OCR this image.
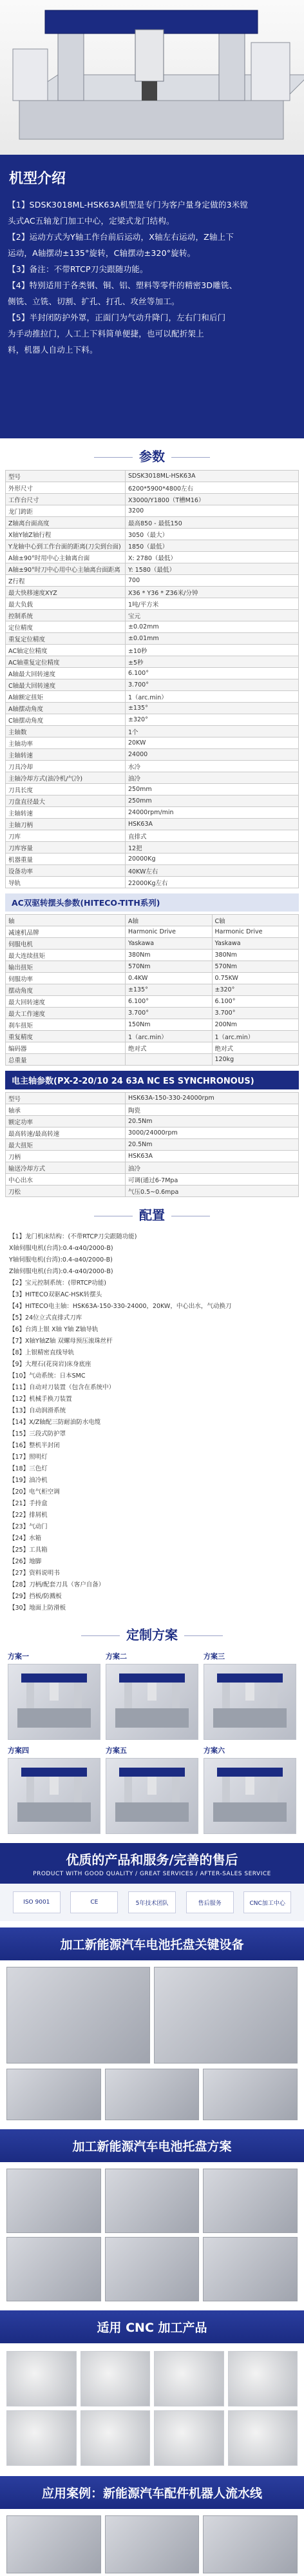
机型介绍
【1】SDSK3018ML-HSK63A机型是专门为客户量身定做的3米镗
头式AC五轴龙门加工中心，定梁式龙门结构。
【2】运动方式为Y轴工作台前后运动，X轴左右运动，Z轴上下
运动，A轴摆动±135°旋转，C轴摆动±320°旋转。
【3】备注：不带RTCP刀尖跟随功能。
【4】特别适用于各类钢、铜、铝、塑料等零件的精密3D雕铣、
侧铣、立铣、切割、扩孔、打孔、攻丝等加工。
【5】半封闭防护外罩，正面门为气动升降门，左右门和后门
为手动推拉门，人工上下料简单便捷，也可以配折架上
料，机器人自动上下料。
参数
型号	SDSK3018ML-HSK63A
外形尺寸	6200*5900*4800左右
工作台尺寸	X3000/Y1800（T槽M16）
龙门跨距	3200
Z轴离台面高度	最高850 - 最低150
X轴Y轴Z轴行程	3050（最大）
Y龙轴中心到工作台面的距离(刀尖到台面)	1850（最低）
A轴±90°时用中心主轴离台面	X: 2780（最低）
A轴±90°时刀中心用中心主轴离台面距离	Y: 1580（最低）
Z行程	700
最大快移速度XYZ	X36 * Y36 * Z36米/分钟
最大负载	1吨/平方米
控制系统	宝元
定位精度	±0.02mm
重复定位精度	±0.01mm
AC轴定位精度	±10秒
AC轴重复定位精度	±5秒
A轴最大回转速度	6.100°
C轴最大回转速度	3.700°
A轴额定扭矩	1（arc.min）
A轴摆动角度	±135°
C轴摆动角度	±320°
主轴数	1个
主轴功率	20KW
主轴转速	24000
刀具冷却	水冷
主轴冷却方式(油冷机/气冷)	油冷
刀具长度	250mm
刀盘直径最大	250mm
主轴转速	24000rpm/min
主轴刀柄	HSK63A
刀库	直排式
刀库容量	12把
机器重量	20000Kg
设备功率	40KW左右
导轨	22000Kg左右
AC双驱转摆头参数(HITECO-TITH系列)
轴	A轴	C轴
减速机品牌	Harmonic Drive	Harmonic Drive
伺服电机	Yaskawa	Yaskawa
最大连续扭矩	380Nm	380Nm
输出扭矩	570Nm	570Nm
伺服功率	0.4KW	0.75KW
摆动角度	±135°	±320°
最大回转速度	6.100°	6.100°
最大工作速度	3.700°	3.700°
刹车扭矩	150Nm	200Nm
重复精度	1（arc.min）	1（arc.min）
编码器	绝对式	绝对式
总重量		120kg
电主轴参数(PX-2-20/10 24 63A NC ES SYNCHRONOUS)
型号	HSK63A-150-330-24000rpm
轴承	陶瓷
额定功率	20.5Nm
最高转速/最高转速	3000/24000rpm
最大扭矩	20.5Nm
刀柄	HSK63A
输送冷却方式	油冷
中心出水	可调(通过6-7Mpa
刀松	气压0.5~0.6mpa
配置
【1】龙门机床结构：(不带RTCP刀尖跟随功能)
X轴伺服电机(台湾):0.4-α40/2000-B)
Y轴伺服电机(台湾):0.4-α40/2000-B)
Z轴伺服电机(台湾):0.4-α40/2000-B)
【2】宝元控制系统：(带RTCP功能)
【3】HITECO双驱AC-HSK转摆头
【4】HITECO电主轴：HSK63A-150-330-24000，20KW，中心出水，气动换刀
【5】24位立式直排式刀库
【6】台湾上银 X轴 Y轴 Z轴导轨
【7】X轴Y轴Z轴 双螺母预压滚珠丝杆
【8】上银精密直线导轨
【9】大理石(花岗岩)床身底座
【10】气动系统：日本SMC
【11】自动对刀装置（包含在系统中）
【12】机械手换刀装置
【13】自动润滑系统
【14】X/Z轴配三防耐油防水电缆
【15】三段式防护罩
【16】整机半封闭
【17】照明灯
【18】三色灯
【19】油冷机
【20】电气柜空调
【21】手持盒
【22】排屑机
【23】气动门
【24】水箱
【25】工具箱
【26】地脚
【27】资料说明书
【28】刀柄/配套刀具（客户自备）
【29】挡板/防溅板
【30】地面上防滑板
定制方案
方案一	方案二	方案三
方案四	方案五	方案六
优质的产品和服务/完善的售后
PRODUCT WITH GOOD QUALITY / GREAT SERVICES / AFTER-SALES SERVICE
ISO 9001	CE	5年技术团队	售后服务	CNC加工中心
加工新能源汽车电池托盘关键设备
加工新能源汽车电池托盘方案
适用 CNC 加工产品
应用案例：新能源汽车配件机器人流水线
